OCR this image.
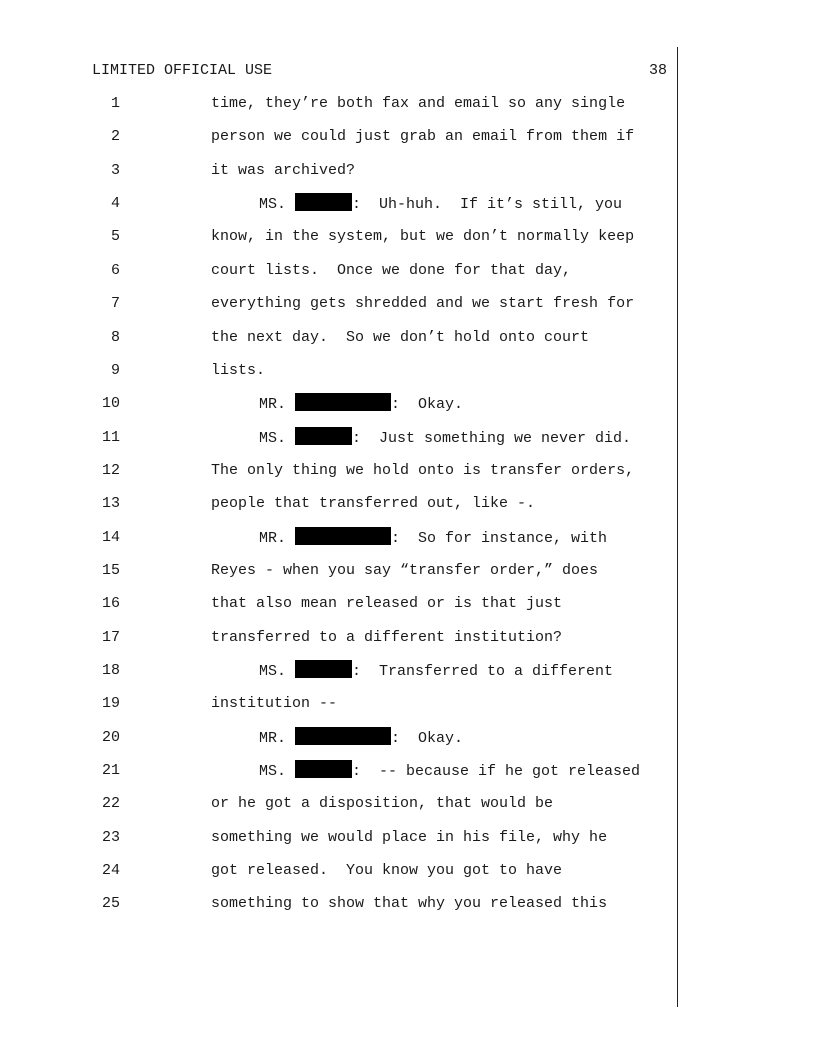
LIMITED OFFICIAL USE	38
1	time, they’re both fax and email so any single
2	person we could just grab an email from them if
3	it was archived?
4	MS.	:  Uh-huh.  If it’s still, you
5	know, in the system, but we don’t normally keep
6	court lists.  Once we done for that day,
7	everything gets shredded and we start fresh for
8	the next day.  So we don’t hold onto court
9	lists.
10	MR.	:  Okay.
11	MS.	:  Just something we never did.
12	The only thing we hold onto is transfer orders,
13	people that transferred out, like -.
14	MR.	:  So for instance, with
15	Reyes - when you say “transfer order,” does
16	that also mean released or is that just
17	transferred to a different institution?
18	MS.	:  Transferred to a different
19	institution --
20	MR.	:  Okay.
21	MS.	:  -- because if he got released
22	or he got a disposition, that would be
23	something we would place in his file, why he
24	got released.  You know you got to have
25	something to show that why you released this
